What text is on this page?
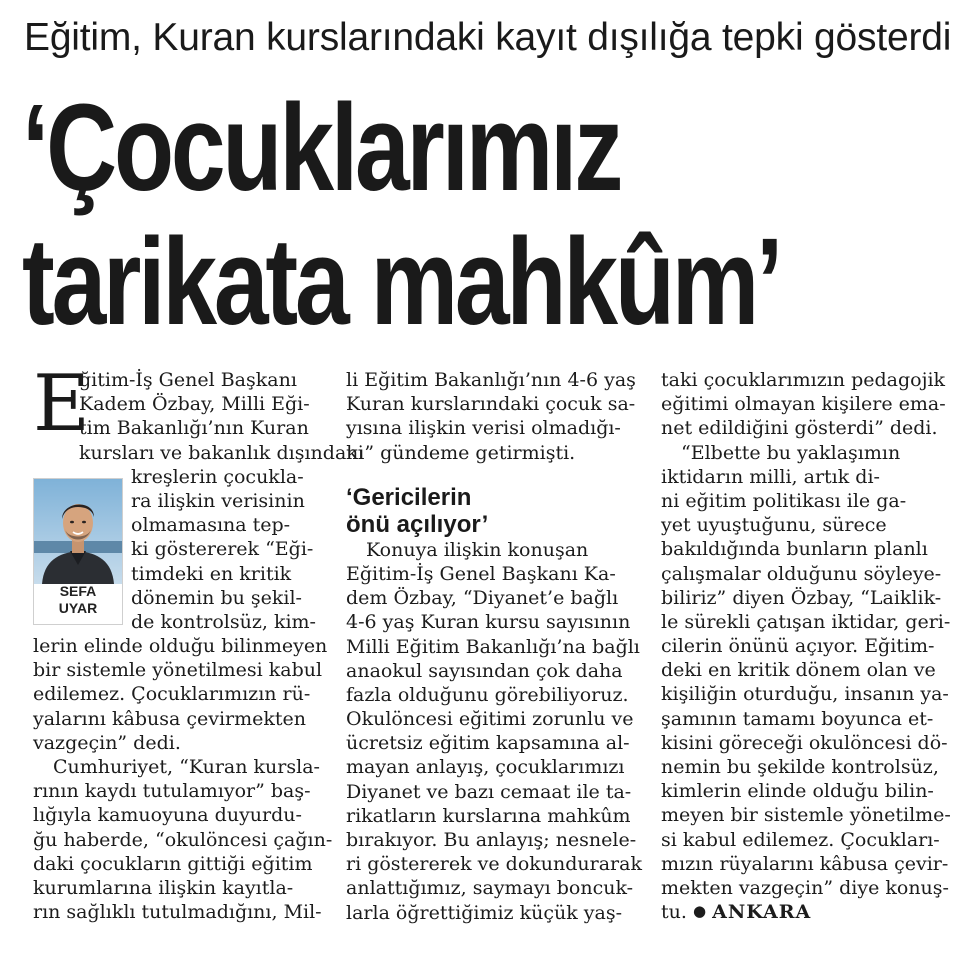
Eğitim, Kuran kurslarındaki kayıt dışılığa tepki gösterdi
‘Çocuklarımız
tarikata mahkûm’
E
ğitim-İş Genel Başkanı
Kadem Özbay, Milli Eği-
tim Bakanlığı’nın Kuran
kursları ve bakanlık dışındaki
kreşlerin çocukla-
ra ilişkin verisinin
olmamasına tep-
ki göstererek “Eği-
timdeki en kritik
dönemin bu şekil-
de kontrolsüz, kim-
lerin elinde olduğu bilinmeyen
bir sistemle yönetilmesi kabul
edilemez. Çocuklarımızın rü-
yalarını kâbusa çevirmekten
vazgeçin” dedi.
Cumhuriyet, “Kuran kursla-
rının kaydı tutulamıyor” baş-
lığıyla kamuoyuna duyurdu-
ğu haberde, “okulöncesi çağın-
daki çocukların gittiği eğitim
kurumlarına ilişkin kayıtla-
rın sağlıklı tutulmadığını, Mil-
SEFA
UYAR
li Eğitim Bakanlığı’nın 4-6 yaş
Kuran kurslarındaki çocuk sa-
yısına ilişkin verisi olmadığı-
nı” gündeme getirmişti.
Konuya ilişkin konuşan
Eğitim-İş Genel Başkanı Ka-
dem Özbay, “Diyanet’e bağlı
4-6 yaş Kuran kursu sayısının
Milli Eğitim Bakanlığı’na bağlı
anaokul sayısından çok daha
fazla olduğunu görebiliyoruz.
Okulöncesi eğitimi zorunlu ve
ücretsiz eğitim kapsamına al-
mayan anlayış, çocuklarımızı
Diyanet ve bazı cemaat ile ta-
rikatların kurslarına mahkûm
bırakıyor. Bu anlayış; nesnele-
ri göstererek ve dokundurarak
anlattığımız, saymayı boncuk-
larla öğrettiğimiz küçük yaş-
‘Gericilerin
önü açılıyor’
taki çocuklarımızın pedagojik
eğitimi olmayan kişilere ema-
net edildiğini gösterdi” dedi.
“Elbette bu yaklaşımın
iktidarın milli, artık di-
ni eğitim politikası ile ga-
yet uyuştuğunu, sürece
bakıldığında bunların planlı
çalışmalar olduğunu söyleye-
biliriz” diyen Özbay, “Laiklik-
le sürekli çatışan iktidar, geri-
cilerin önünü açıyor. Eğitim-
deki en kritik dönem olan ve
kişiliğin oturduğu, insanın ya-
şamının tamamı boyunca et-
kisini göreceği okulöncesi dö-
nemin bu şekilde kontrolsüz,
kimlerin elinde olduğu bilin-
meyen bir sistemle yönetilme-
si kabul edilemez. Çocukları-
mızın rüyalarını kâbusa çevir-
mekten vazgeçin” diye konuş-
tu. ● ANKARA
